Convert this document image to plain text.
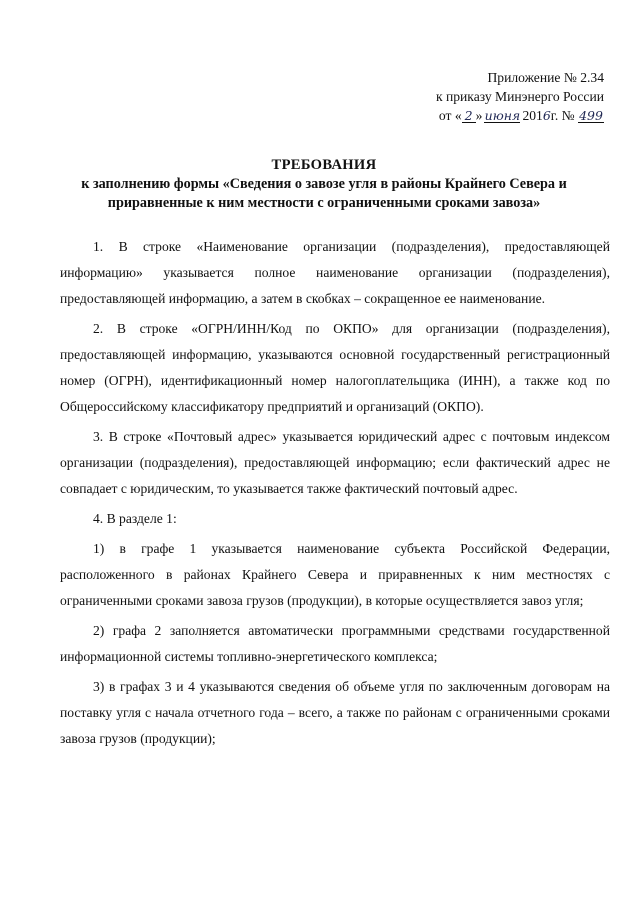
Приложение № 2.34
к приказу Минэнерго России
от « 2 » июня 2016г. № 499
ТРЕБОВАНИЯ
к заполнению формы «Сведения о завозе угля в районы Крайнего Севера и
приравненные к ним местности с ограниченными сроками завоза»

1. В строке «Наименование организации (подразделения), предоставляющей информацию» указывается полное наименование организации (подразделения), предоставляющей информацию, а затем в скобках – сокращенное ее наименование.

2. В строке «ОГРН/ИНН/Код по ОКПО» для организации (подразделения), предоставляющей информацию, указываются основной государственный регистрационный номер (ОГРН), идентификационный номер налогоплательщика (ИНН), а также код по Общероссийскому классификатору предприятий и организаций (ОКПО).

3. В строке «Почтовый адрес» указывается юридический адрес с почтовым индексом организации (подразделения), предоставляющей информацию; если фактический адрес не совпадает с юридическим, то указывается также фактический почтовый адрес.

4. В разделе 1:

1) в графе 1 указывается наименование субъекта Российской Федерации, расположенного в районах Крайнего Севера и приравненных к ним местностях с ограниченными сроками завоза грузов (продукции), в которые осуществляется завоз угля;

2) графа 2 заполняется автоматически программными средствами государственной информационной системы топливно-энергетического комплекса;

3) в графах 3 и 4 указываются сведения об объеме угля по заключенным договорам на поставку угля с начала отчетного года – всего, а также по районам с ограниченными сроками завоза грузов (продукции);
